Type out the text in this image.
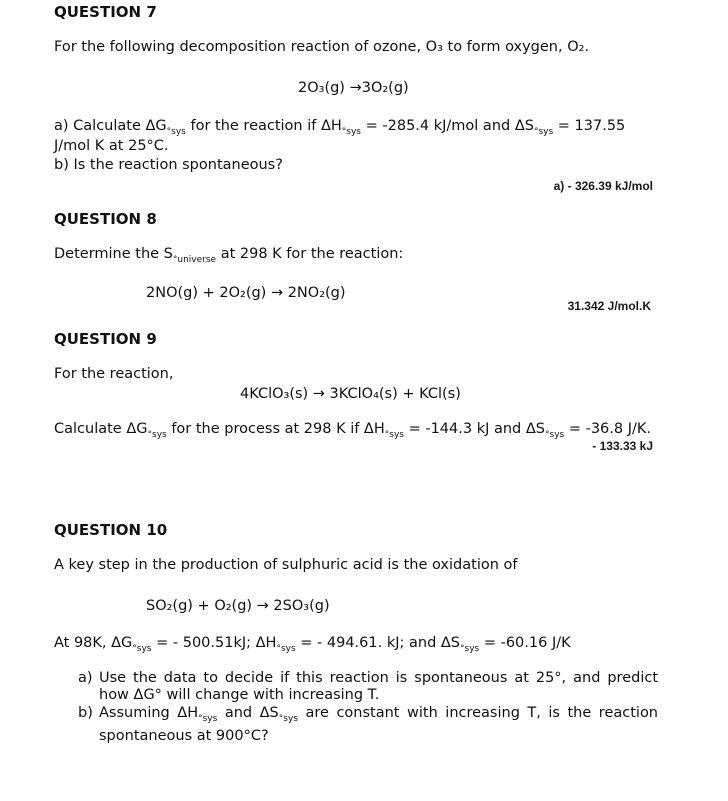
QUESTION 7
For the following decomposition reaction of ozone, O₃ to form oxygen, O₂.
2O₃(g) →3O₂(g)
a) Calculate $\Delta G_{^\circ sys}$ for the reaction if $\Delta H_{^\circ sys} = -285.4$ kJ/mol and $\Delta S_{^\circ sys} = 137.55$
J/mol K at 25°C.
b) Is the reaction spontaneous?
a) - 326.39 kJ/mol
QUESTION 8
Determine the $S_{^\circ universe}$ at 298 K for the reaction:
2NO(g) + 2O₂(g) → 2NO₂(g)
31.342 J/mol.K
QUESTION 9
For the reaction,
4KClO₃(s) → 3KClO₄(s) + KCl(s)
Calculate $\Delta G_{^\circ sys}$ for the process at 298 K if $\Delta H_{^\circ sys} = -144.3$ kJ and $\Delta S_{^\circ sys} = -36.8$ J/K.
- 133.33 kJ
QUESTION 10
A key step in the production of sulphuric acid is the oxidation of
SO₂(g) + O₂(g) → 2SO₃(g)
At 98K, $\Delta G_{^\circ sys}$ = - 500.51kJ; $\Delta H_{^\circ sys}$ = - 494.61. kJ; and $\Delta S_{^\circ sys} = -60.16$ J/K
a) Use the data to decide if this reaction is spontaneous at 25°, and predict how ΔG° will change with increasing T.
b) Assuming $\Delta H_{^\circ sys}$ and $\Delta S_{^\circ sys}$ are constant with increasing T, is the reaction spontaneous at 900°C?
